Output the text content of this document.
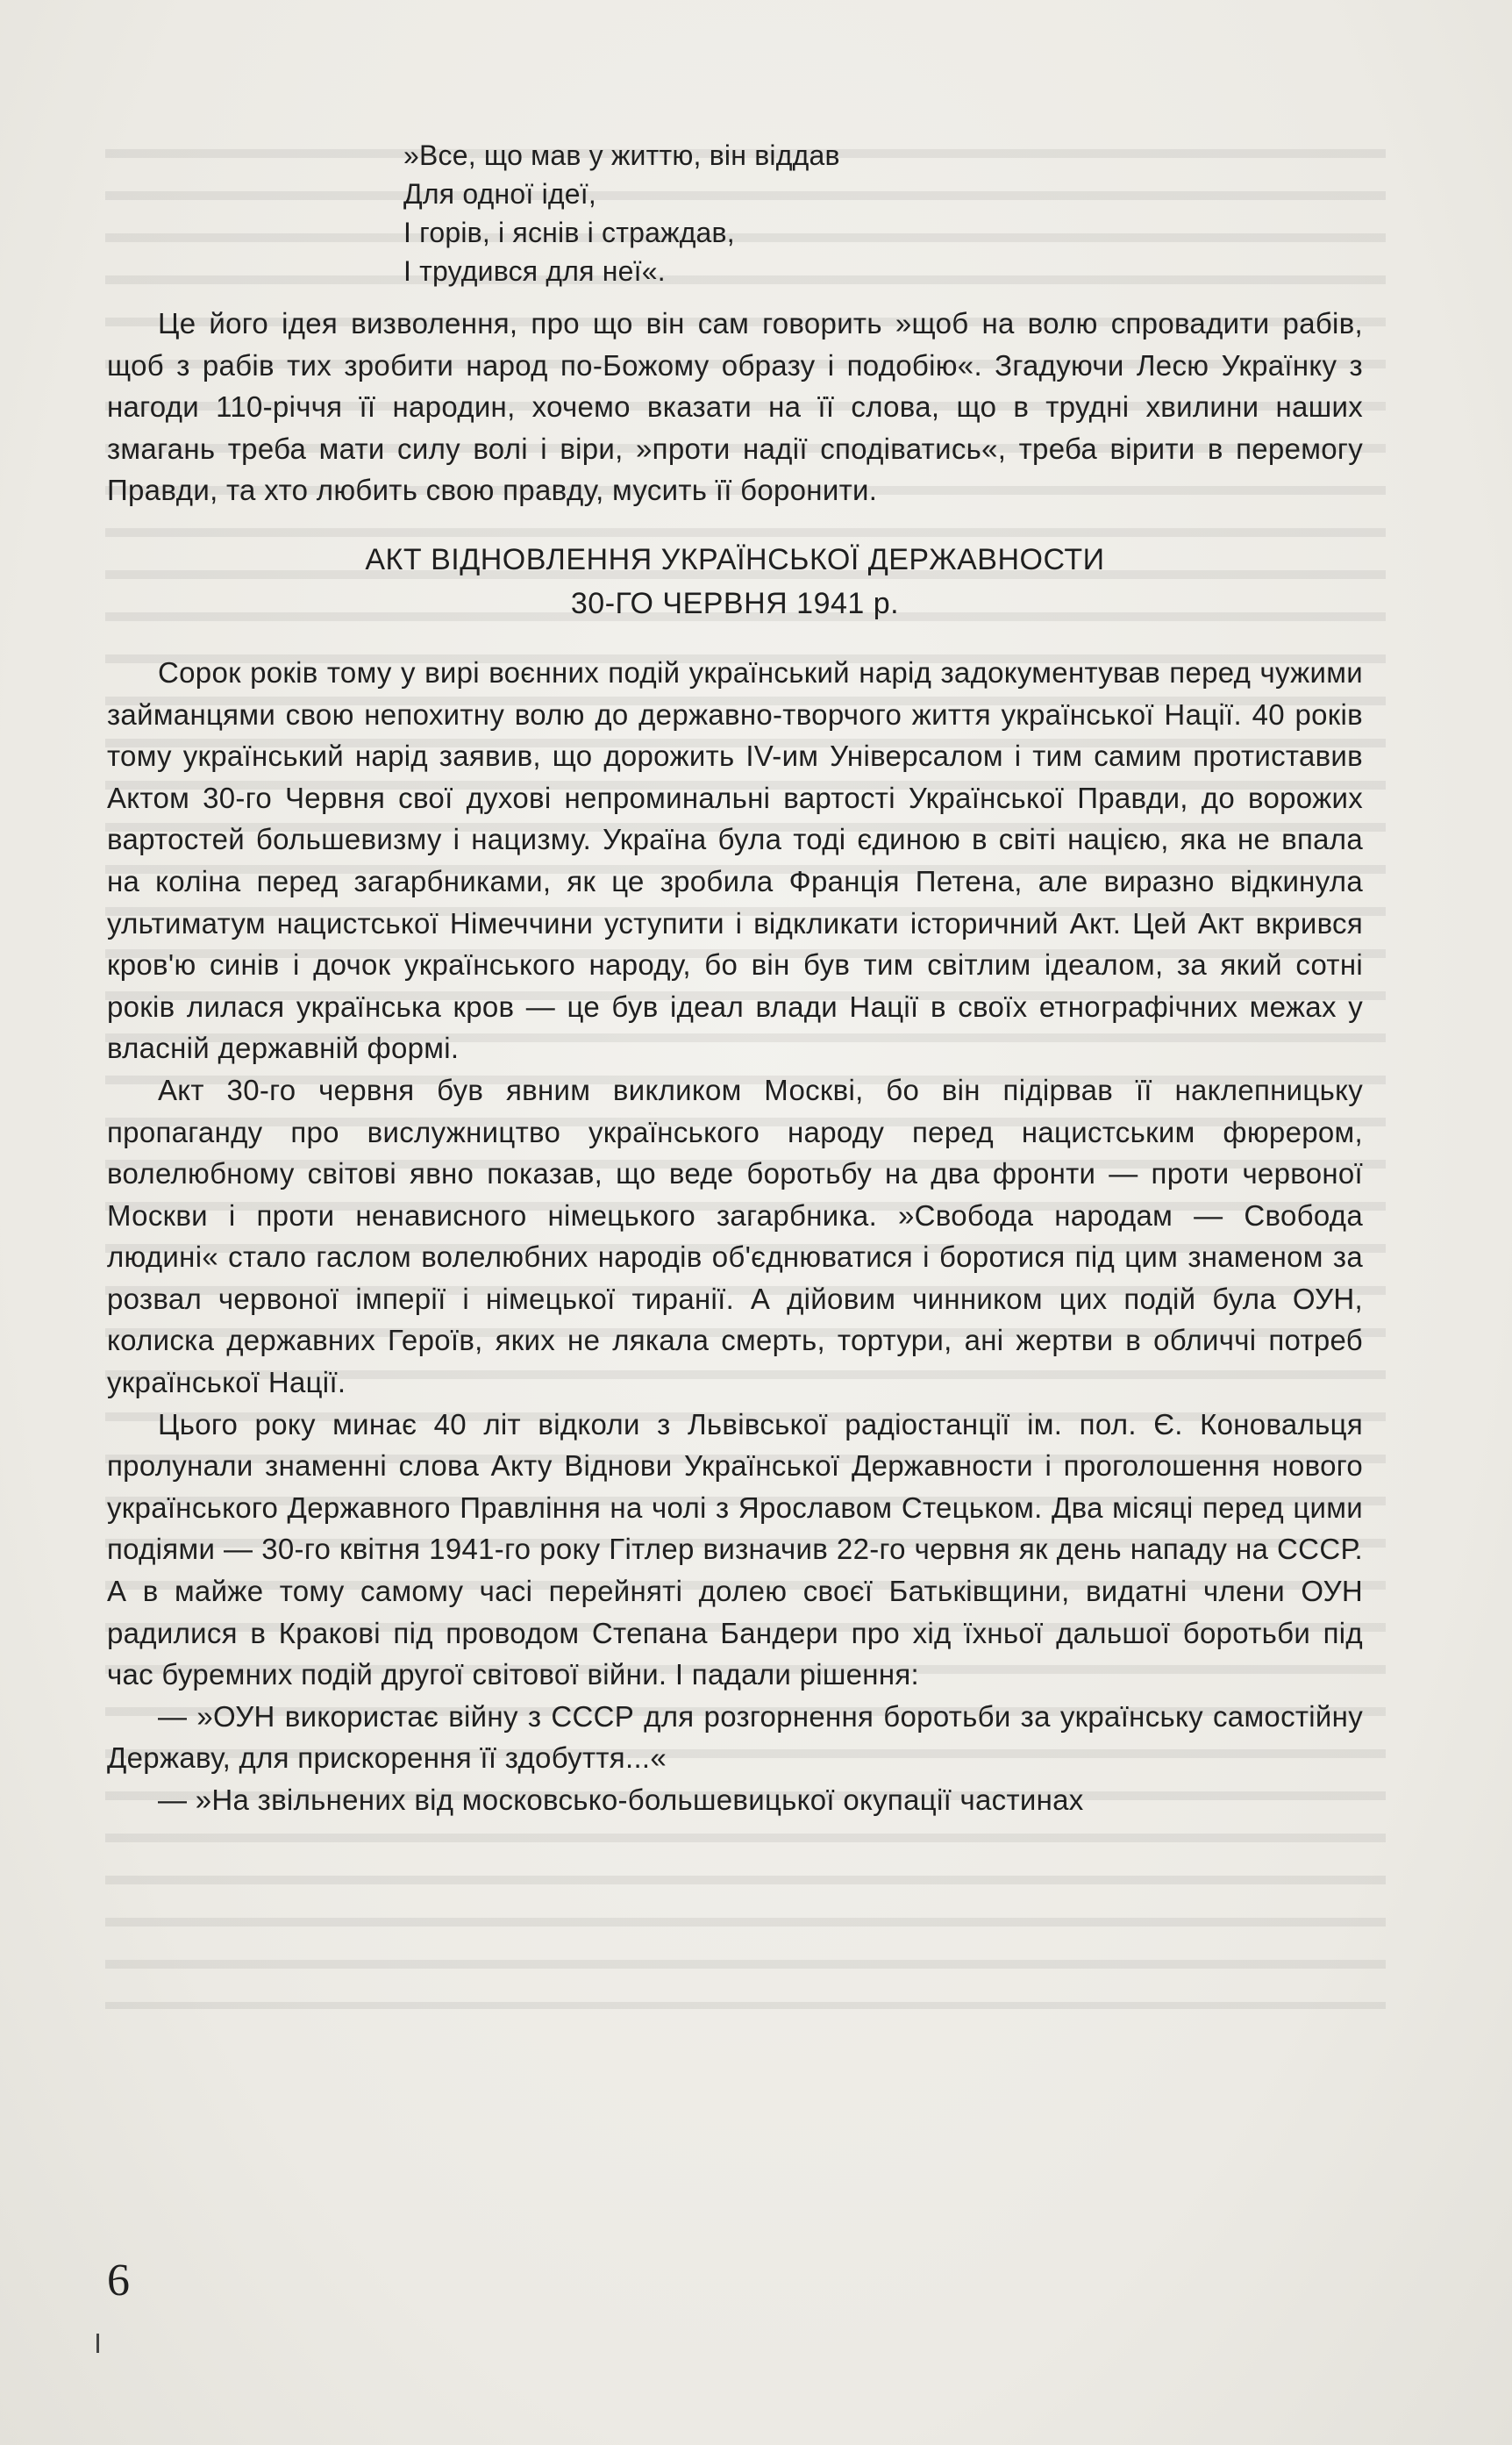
»Все, що мав у життю, він віддав
Для одної ідеї,
І горів, і яснів і страждав,
І трудився для неї«.

Це його ідея визволення, про що він сам говорить »щоб на волю спровадити рабів, щоб з рабів тих зробити народ по-Божому образу і подобію«. Згадуючи Лесю Українку з нагоди 110-річчя її народин, хочемо вказати на її слова, що в трудні хвилини наших змагань треба мати силу волі і віри, »проти надії сподіватись«, треба вірити в перемогу Правди, та хто любить свою правду, мусить її боронити.

АКТ ВІДНОВЛЕННЯ УКРАЇНСЬКОЇ ДЕРЖАВНОСТИ
30-ГО ЧЕРВНЯ 1941 р.

Сорок років тому у вирі воєнних подій український нарід задокументував перед чужими займанцями свою непохитну волю до державно-творчого життя української Нації. 40 років тому український нарід заявив, що дорожить IV-им Універсалом і тим самим протиставив Актом 30-го Червня свої духові непроминальні вартості Української Правди, до ворожих вартостей большевизму і нацизму. Україна була тоді єдиною в світі нацією, яка не впала на коліна перед загарбниками, як це зробила Франція Петена, але виразно відкинула ультиматум нацистської Німеччини уступити і відкликати історичний Акт. Цей Акт вкрився кров'ю синів і дочок українського народу, бо він був тим світлим ідеалом, за який сотні років лилася українська кров — це був ідеал влади Нації в своїх етнографічних межах у власній державній формі.

Акт 30-го червня був явним викликом Москві, бо він підірвав її наклепницьку пропаганду про вислужництво українського народу перед нацистським фюрером, волелюбному світові явно показав, що веде боротьбу на два фронти — проти червоної Москви і проти ненависного німецького загарбника. »Свобода народам — Свобода людині« стало гаслом волелюбних народів об'єднюватися і боротися під цим знаменом за розвал червоної імперії і німецької тиранії. А дійовим чинником цих подій була ОУН, колиска державних Героїв, яких не лякала смерть, тортури, ані жертви в обличчі потреб української Нації.

Цього року минає 40 літ відколи з Львівської радіостанції ім. пол. Є. Коновальця пролунали знаменні слова Акту Віднови Української Державности і проголошення нового українського Державного Правління на чолі з Ярославом Стецьком. Два місяці перед цими подіями — 30-го квітня 1941-го року Гітлер визначив 22-го червня як день нападу на СССР. А в майже тому самому часі перейняті долею своєї Батьківщини, видатні члени ОУН радилися в Кракові під проводом Степана Бандери про хід їхньої дальшої боротьби під час буремних подій другої світової війни. І падали рішення:

— »ОУН використає війну з СССР для розгорнення боротьби за українську самостійну Державу, для прискорення її здобуття...«

— »На звільнених від московсько-большевицької окупації частинах

6
